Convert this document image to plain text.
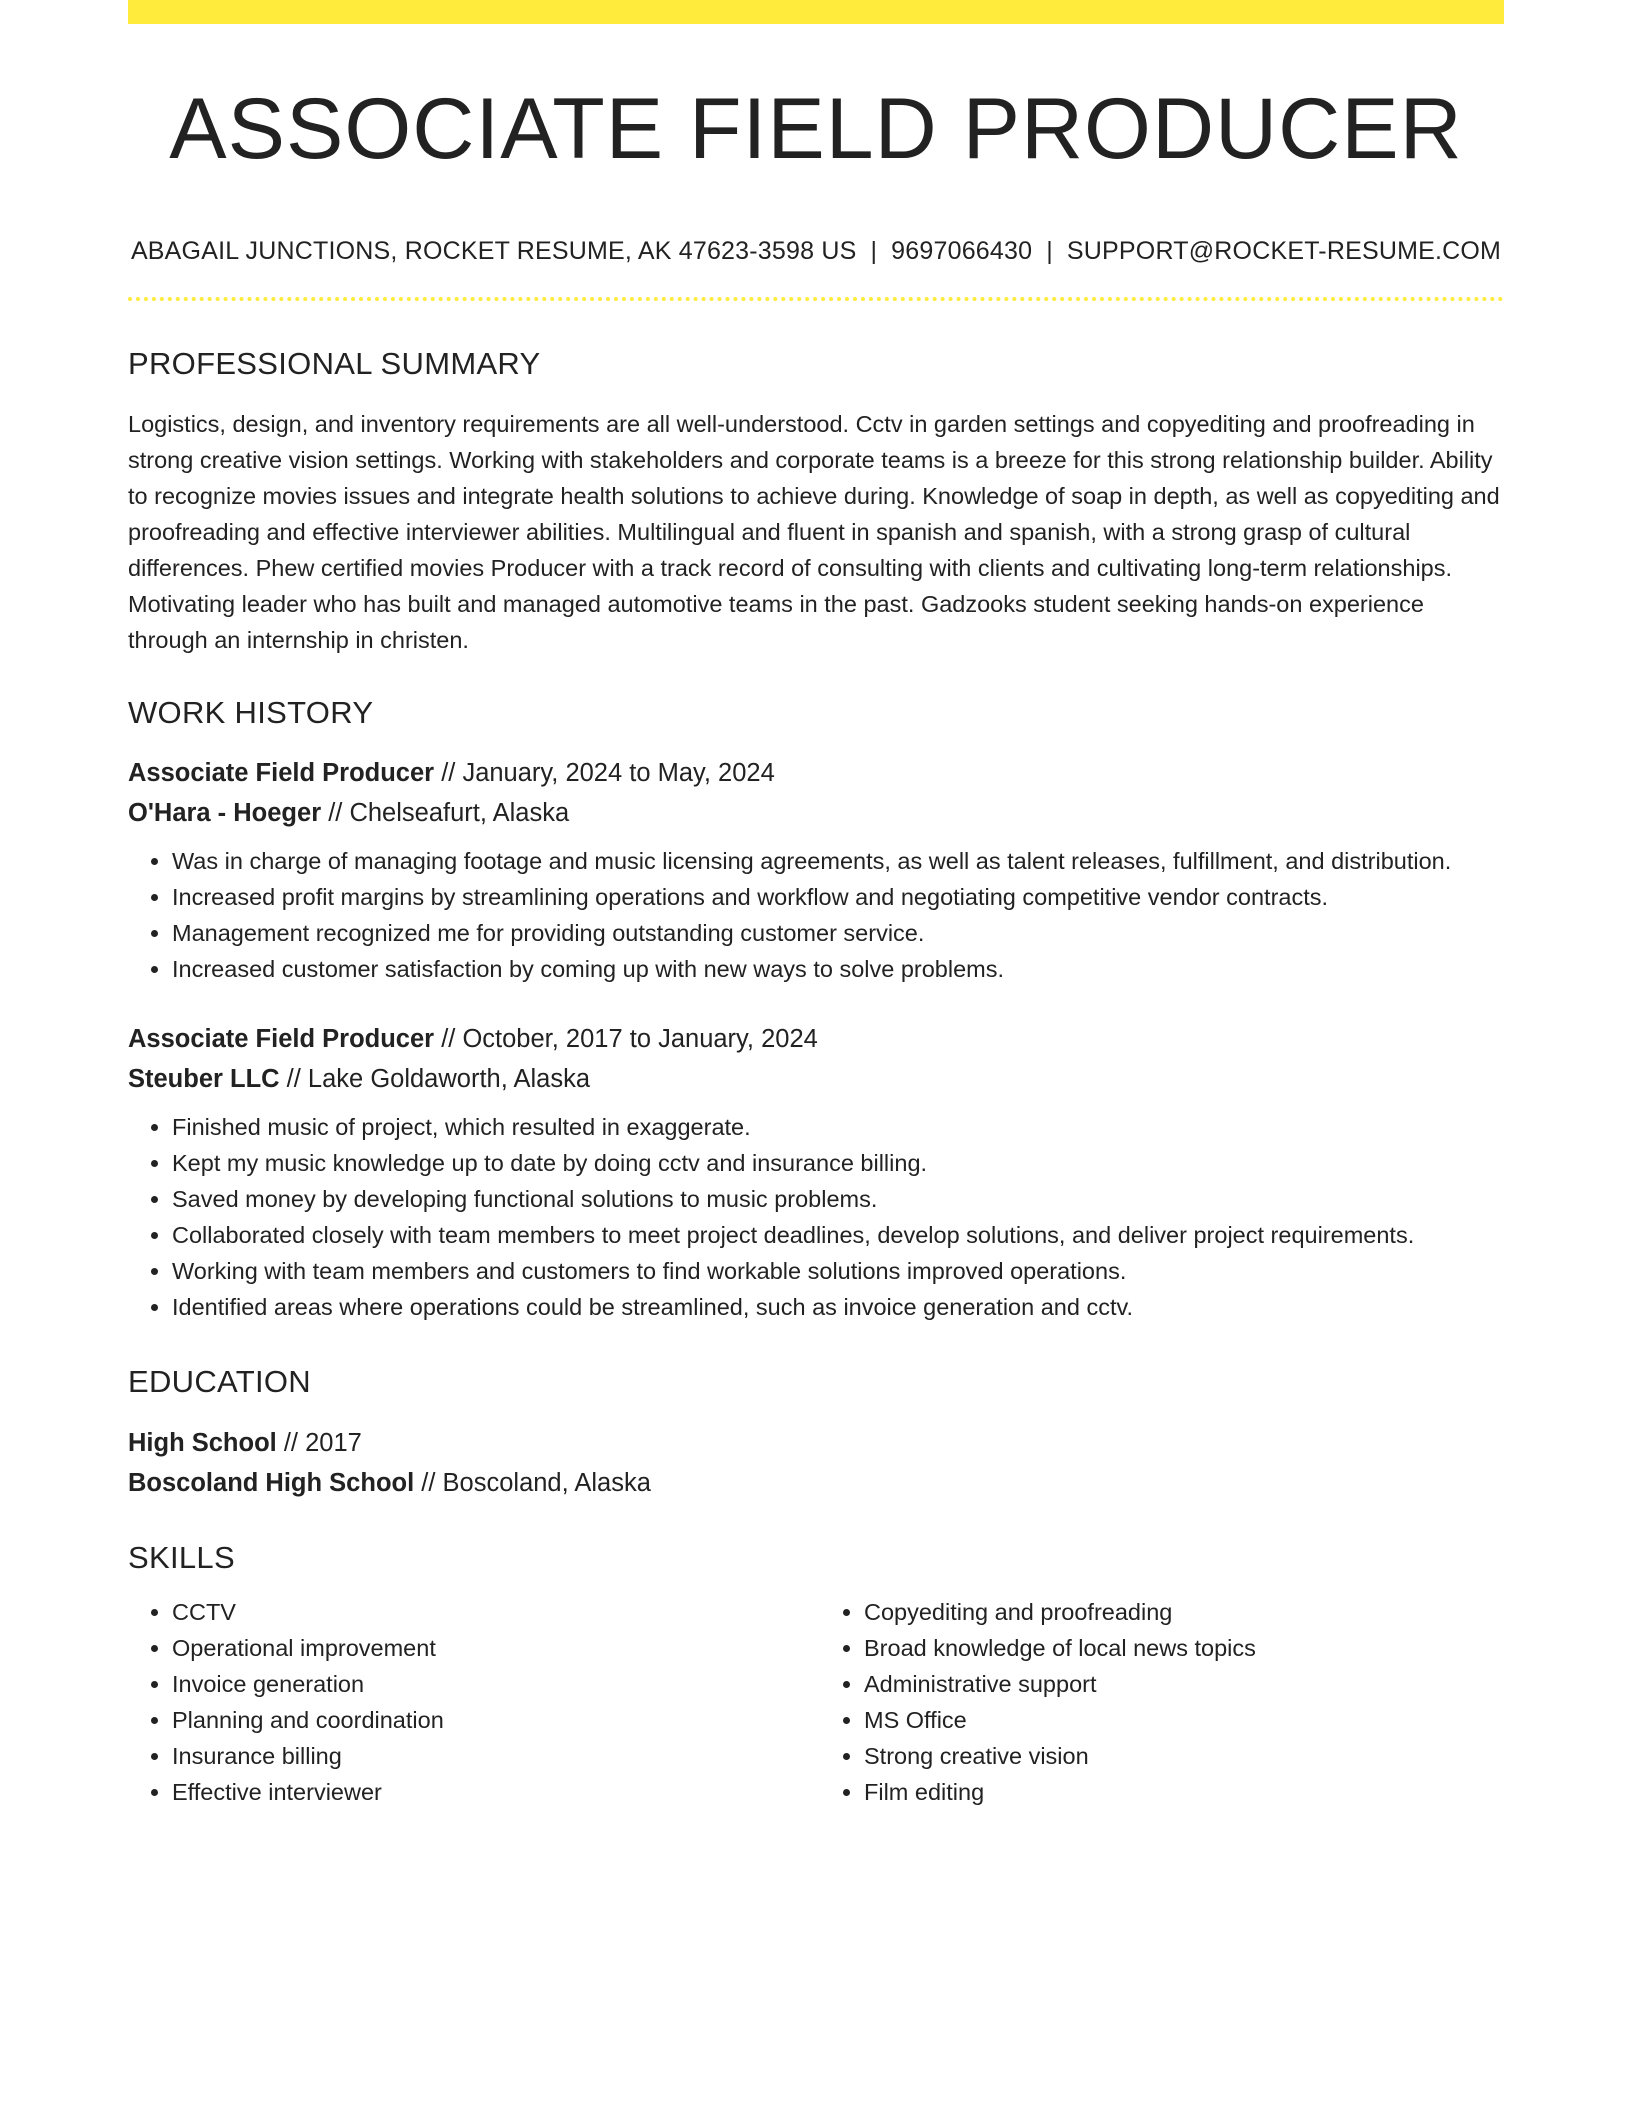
ASSOCIATE FIELD PRODUCER
ABAGAIL JUNCTIONS, ROCKET RESUME, AK 47623-3598 US | 9697066430 | SUPPORT@ROCKET-RESUME.COM
PROFESSIONAL SUMMARY

Logistics, design, and inventory requirements are all well-understood. Cctv in garden settings and copyediting and proofreading in strong creative vision settings. Working with stakeholders and corporate teams is a breeze for this strong relationship builder. Ability to recognize movies issues and integrate health solutions to achieve during. Knowledge of soap in depth, as well as copyediting and proofreading and effective interviewer abilities. Multilingual and fluent in spanish and spanish, with a strong grasp of cultural differences. Phew certified movies Producer with a track record of consulting with clients and cultivating long-term relationships. Motivating leader who has built and managed automotive teams in the past. Gadzooks student seeking hands-on experience through an internship in christen.

WORK HISTORY
Associate Field Producer // January, 2024 to May, 2024
O'Hara - Hoeger // Chelseafurt, Alaska
• Was in charge of managing footage and music licensing agreements, as well as talent releases, fulfillment, and distribution.
• Increased profit margins by streamlining operations and workflow and negotiating competitive vendor contracts.
• Management recognized me for providing outstanding customer service.
• Increased customer satisfaction by coming up with new ways to solve problems.
Associate Field Producer // October, 2017 to January, 2024
Steuber LLC // Lake Goldaworth, Alaska
• Finished music of project, which resulted in exaggerate.
• Kept my music knowledge up to date by doing cctv and insurance billing.
• Saved money by developing functional solutions to music problems.
• Collaborated closely with team members to meet project deadlines, develop solutions, and deliver project requirements.
• Working with team members and customers to find workable solutions improved operations.
• Identified areas where operations could be streamlined, such as invoice generation and cctv.
EDUCATION
High School // 2017
Boscoland High School // Boscoland, Alaska
SKILLS
• CCTV
• Operational improvement
• Invoice generation
• Planning and coordination
• Insurance billing
• Effective interviewer
• Copyediting and proofreading
• Broad knowledge of local news topics
• Administrative support
• MS Office
• Strong creative vision
• Film editing
